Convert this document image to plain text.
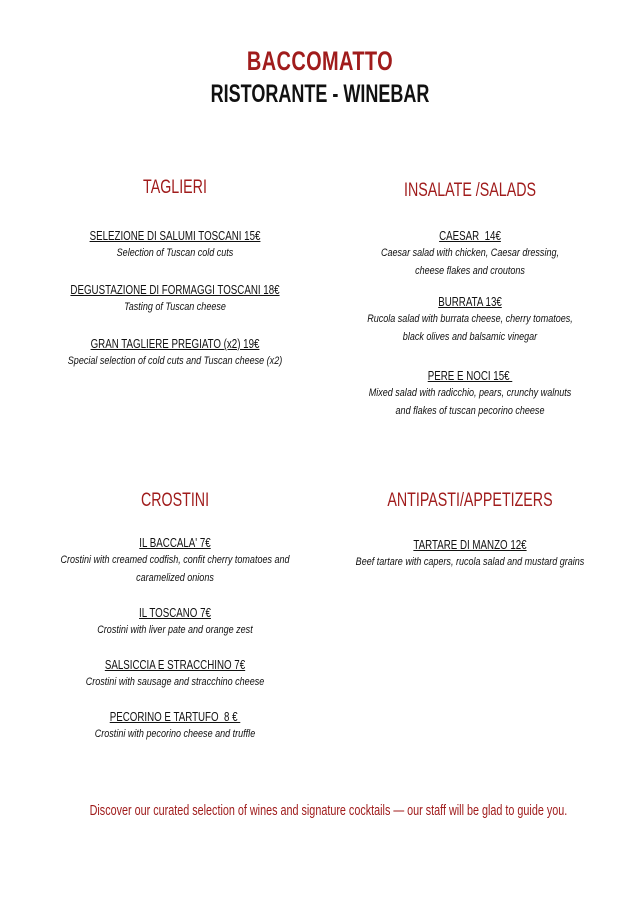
BACCOMATTO
RISTORANTE - WINEBAR
TAGLIERI
SELEZIONE DI SALUMI TOSCANI 15€
Selection of Tuscan cold cuts
DEGUSTAZIONE DI FORMAGGI TOSCANI 18€
Tasting of Tuscan cheese
GRAN TAGLIERE PREGIATO (x2) 19€
Special selection of cold cuts and Tuscan cheese (x2)
INSALATE /SALADS
CAESAR  14€
Caesar salad with chicken, Caesar dressing,
cheese flakes and croutons
BURRATA 13€
Rucola salad with burrata cheese, cherry tomatoes,
black olives and balsamic vinegar
PERE E NOCI 15€
Mixed salad with radicchio, pears, crunchy walnuts
and flakes of tuscan pecorino cheese
CROSTINI
IL BACCALA' 7€
Crostini with creamed codfish, confit cherry tomatoes and
caramelized onions
IL TOSCANO 7€
Crostini with liver pate and orange zest
SALSICCIA E STRACCHINO 7€
Crostini with sausage and stracchino cheese
PECORINO E TARTUFO  8 €
Crostini with pecorino cheese and truffle
ANTIPASTI/APPETIZERS
TARTARE DI MANZO 12€
Beef tartare with capers, rucola salad and mustard grains
Discover our curated selection of wines and signature cocktails — our staff will be glad to guide you.
